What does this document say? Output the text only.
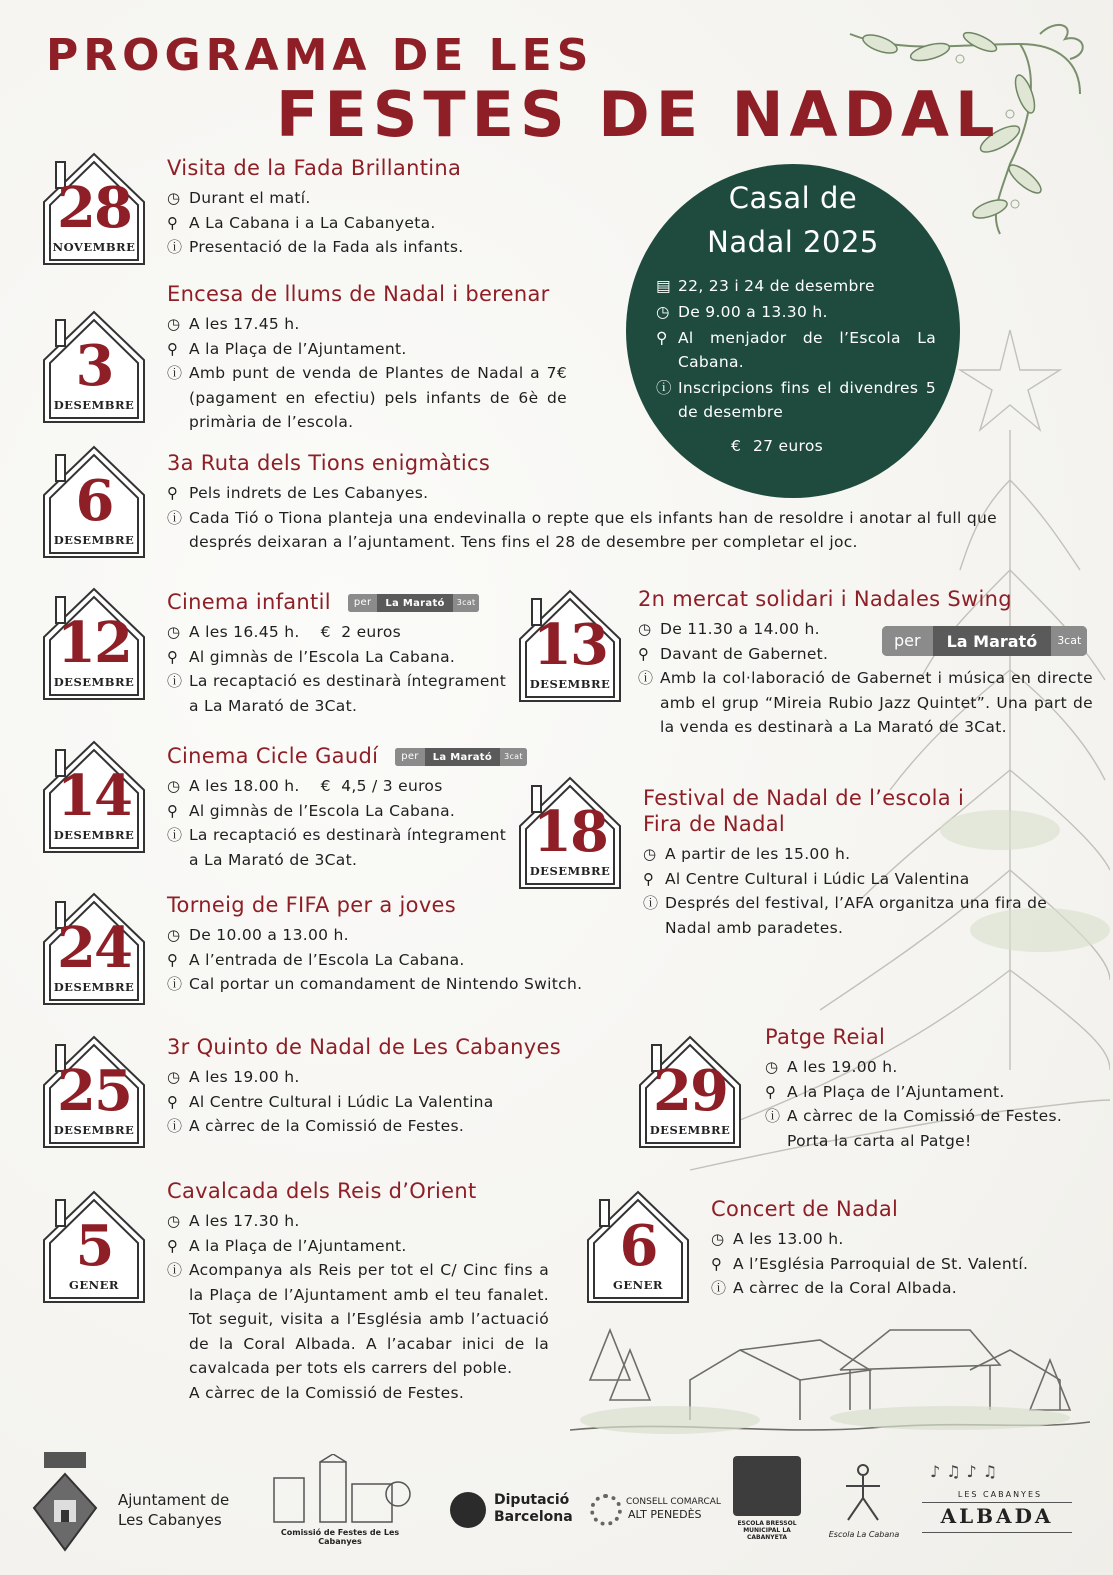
PROGRAMA DE LES
FESTES DE NADAL
Casal de
Nadal 2025
▤ 22, 23 i 24 de desembre
◷ De 9.00 a 13.30 h.
⚲ Al menjador de l’Escola La Cabana.
ⓘ Inscripcions fins el divendres 5 de desembre
€ 27 euros
28
NOVEMBRE
Visita de la Fada Brillantina
◷ Durant el matí.
⚲ A La Cabana i a La Cabanyeta.
ⓘ Presentació de la Fada als infants.
3
DESEMBRE
Encesa de llums de Nadal i berenar
◷ A les 17.45 h.
⚲ A la Plaça de l’Ajuntament.
ⓘ Amb punt de venda de Plantes de Nadal a 7€ (pagament en efectiu) pels infants de 6è de primària de l’escola.
6
DESEMBRE
3a Ruta dels Tions enigmàtics
⚲ Pels indrets de Les Cabanyes.
ⓘ Cada Tió o Tiona planteja una endevinalla o repte que els infants han de resoldre i anotar al full que després deixaran a l’ajuntament. Tens fins el 28 de desembre per completar el joc.
12
DESEMBRE
Cinema infantil	per	La Marató	3cat
◷ A les 16.45 h. € 2 euros
⚲ Al gimnàs de l’Escola La Cabana.
ⓘ La recaptació es destinarà íntegrament a La Marató de 3Cat.
13
DESEMBRE
2n mercat solidari i Nadales Swing
◷ De 11.30 a 14.00 h.
⚲ Davant de Gabernet.
ⓘ Amb la col·laboració de Gabernet i música en directe amb el grup “Mireia Rubio Jazz Quintet”. Una part de la venda es destinarà a La Marató de 3Cat.
per	La Marató	3cat
14
DESEMBRE
Cinema Cicle Gaudí	per	La Marató	3cat
◷ A les 18.00 h. € 4,5 / 3 euros
⚲ Al gimnàs de l’Escola La Cabana.
ⓘ La recaptació es destinarà íntegrament a La Marató de 3Cat.	18
DESEMBRE
Festival de Nadal de l’escola i
Fira de Nadal
◷ A partir de les 15.00 h.
⚲ Al Centre Cultural i Lúdic La Valentina
ⓘ Després del festival, l’AFA organitza una fira de Nadal amb paradetes.
24
DESEMBRE
Torneig de FIFA per a joves
◷ De 10.00 a 13.00 h.
⚲ A l’entrada de l’Escola La Cabana.
ⓘ Cal portar un comandament de Nintendo Switch.
25
DESEMBRE
3r Quinto de Nadal de Les Cabanyes
◷ A les 19.00 h.
⚲ Al Centre Cultural i Lúdic La Valentina
ⓘ A càrrec de la Comissió de Festes.
29
DESEMBRE
Patge Reial
◷ A les 19.00 h.
⚲ A la Plaça de l’Ajuntament.
ⓘ A càrrec de la Comissió de Festes. Porta la carta al Patge!
5
GENER
Cavalcada dels Reis d’Orient
◷ A les 17.30 h.
⚲ A la Plaça de l’Ajuntament.
ⓘ Acompanya als Reis per tot el C/ Cinc fins a la Plaça de l’Ajuntament amb el teu fanalet. Tot seguit, visita a l’Església amb l’actuació de la Coral Albada. A l’acabar inici de la cavalcada per tots els carrers del poble.
A càrrec de la Comissió de Festes.
6
GENER
Concert de Nadal
◷ A les 13.00 h.
⚲ A l’Església Parroquial de St. Valentí.
ⓘ A càrrec de la Coral Albada.
Ajuntament de
Les Cabanyes
Comissió de Festes de Les Cabanyes
Diputació
Barcelona
CONSELL COMARCAL
ALT PENEDÈS
ESCOLA BRESSOL MUNICIPAL LA CABANYETA	Escola La Cabana
LES CABANYES
ALBADA
♪♫♪♫
